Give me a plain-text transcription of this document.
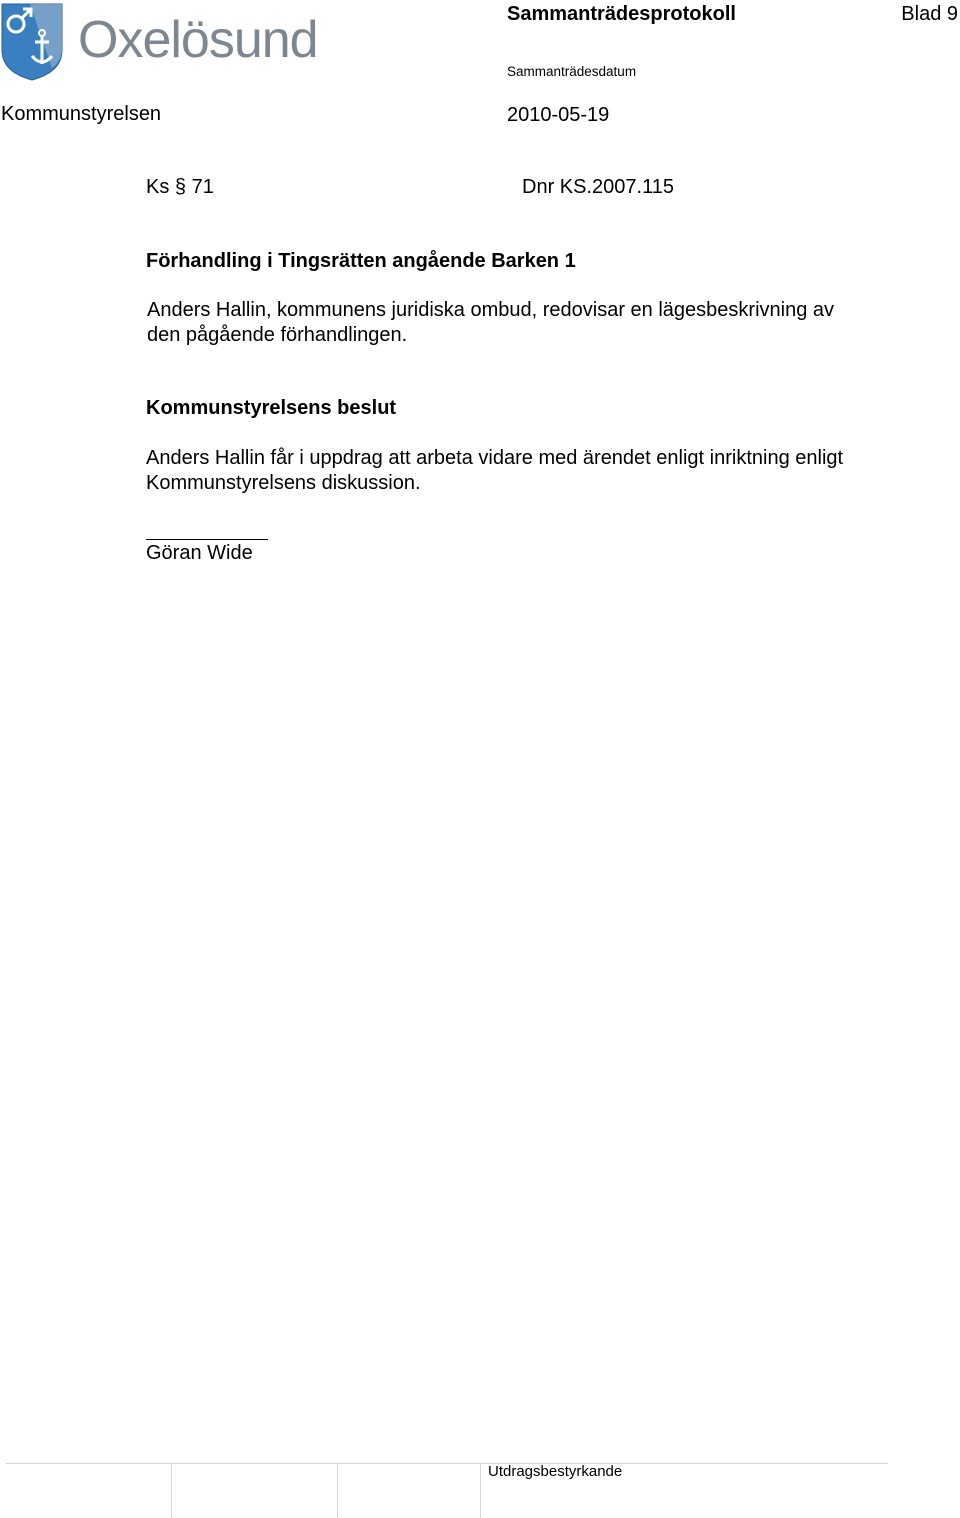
Oxelösund	Sammanträdesprotokoll	Blad 9
Sammanträdesdatum
Kommunstyrelsen	2010-05-19
Ks § 71	Dnr KS.2007.115
Förhandling i Tingsrätten angående Barken 1
Anders Hallin, kommunens juridiska ombud, redovisar en lägesbeskrivning av
den pågående förhandlingen.
Kommunstyrelsens beslut
Anders Hallin får i uppdrag att arbeta vidare med ärendet enligt inriktning enligt
Kommunstyrelsens diskussion.
Göran Wide
Utdragsbestyrkande
